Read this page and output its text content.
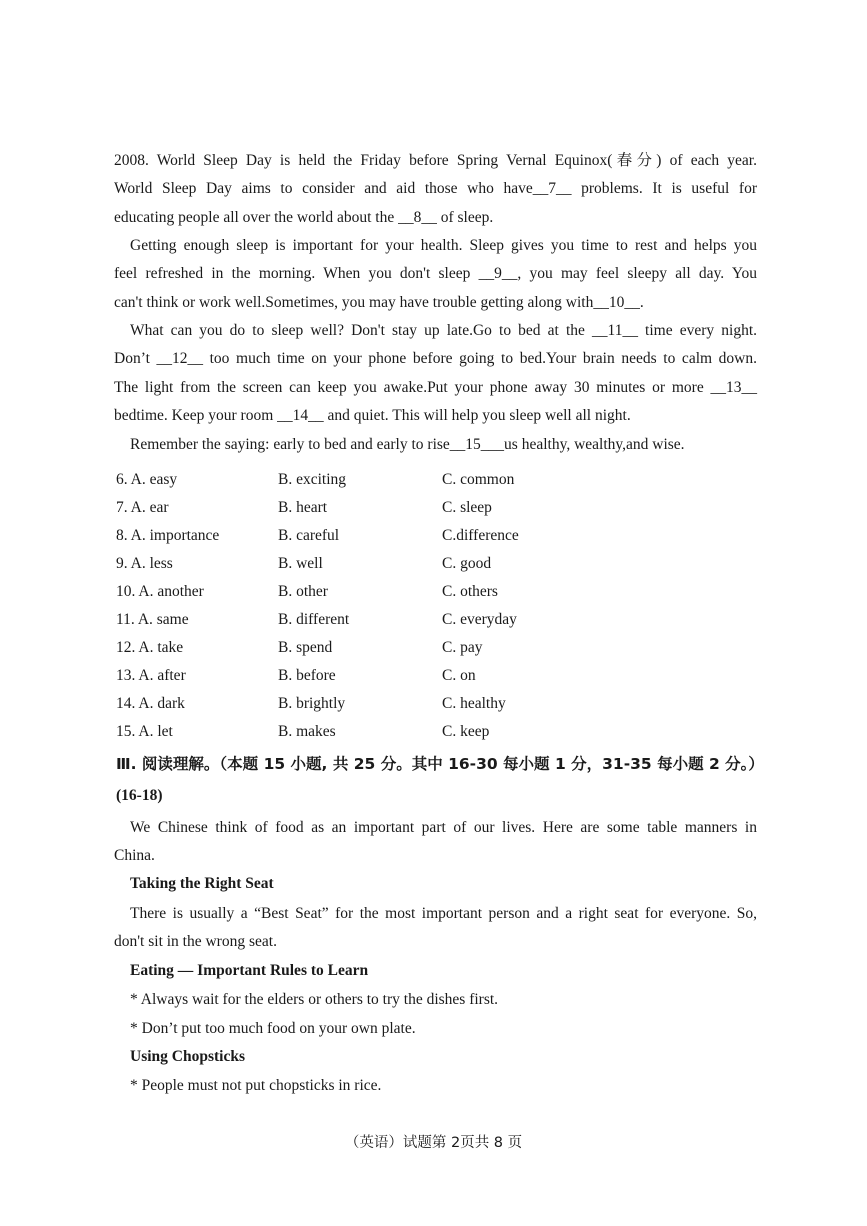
2008. World Sleep Day is held the Friday before Spring Vernal Equinox(春分) of each year.
World Sleep Day aims to consider and aid those who have__7__ problems. It is useful for
educating people all over the world about the __8__ of sleep.
Getting enough sleep is important for your health. Sleep gives you time to rest and helps you
feel refreshed in the morning. When you don't sleep __9__, you may feel sleepy all day. You
can't think or work well.Sometimes, you may have trouble getting along with__10__.
What can you do to sleep well? Don't stay up late.Go to bed at the __11__ time every night.
Don’t __12__ too much time on your phone before going to bed.Your brain needs to calm down.
The light from the screen can keep you awake.Put your phone away 30 minutes or more __13__
bedtime. Keep your room __14__ and quiet. This will help you sleep well all night.
Remember the saying: early to bed and early to rise__15___us healthy, wealthy,and wise.
6. A. easy	B. exciting	C. common
7. A. ear	B. heart	C. sleep
8. A. importance	B. careful	C.difference
9. A. less	B. well	C. good
10. A. another	B. other	C. others
11. A. same	B. different	C. everyday
12. A. take	B. spend	C. pay
13. A. after	B. before	C. on
14. A. dark	B. brightly	C. healthy
15. A. let	B. makes	C. keep
Ⅲ. 阅读理解。（本题 15 小题, 共 25 分。其中 16-30 每小题 1 分，31-35 每小题 2 分。）
(16-18)
We Chinese think of food as an important part of our lives. Here are some table manners in
China.
Taking the Right Seat
There is usually a “Best Seat” for the most important person and a right seat for everyone. So,
don't sit in the wrong seat.
Eating — Important Rules to Learn
* Always wait for the elders or others to try the dishes first.
* Don’t put too much food on your own plate.
Using Chopsticks
* People must not put chopsticks in rice.
（英语）试题第 2页共 8 页
